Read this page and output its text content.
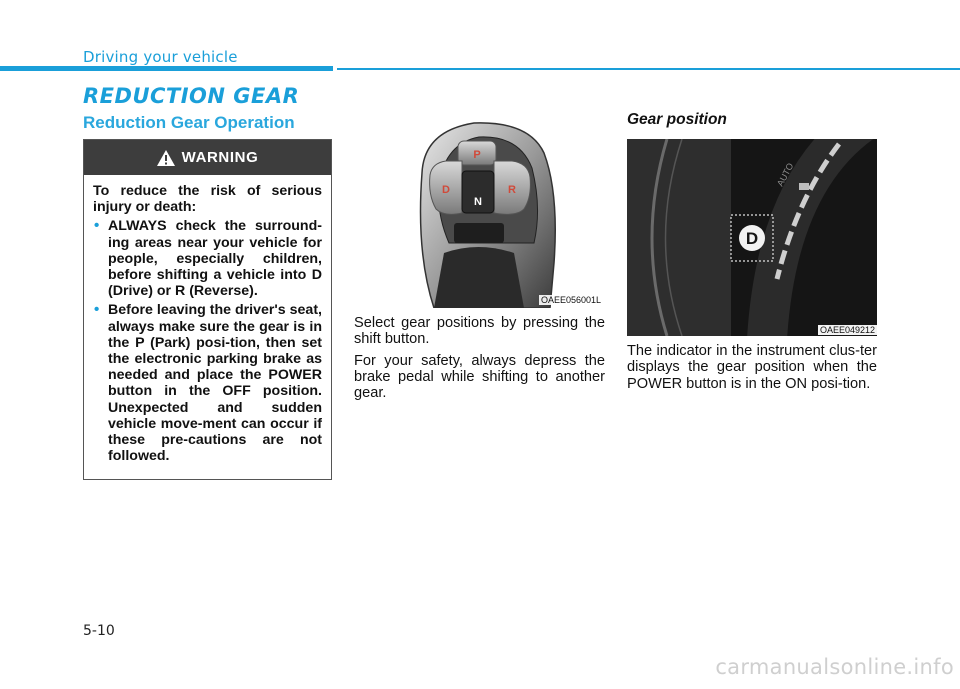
Driving your vehicle
REDUCTION GEAR
Reduction Gear Operation
WARNING

To reduce the risk of serious injury or death:

• ALWAYS check the surround-ing areas near your vehicle for people, especially children, before shifting a vehicle into D (Drive) or R (Reverse).
• Before leaving the driver's seat, always make sure the gear is in the P (Park) posi-tion, then set the electronic parking brake as needed and place the POWER button in the OFF position. Unexpected and sudden vehicle move-ment can occur if these pre-cautions are not followed.
P
D	R
N
OAEE056001L

Select gear positions by pressing the shift button.

For your safety, always depress the brake pedal while shifting to another gear.

Gear position
AUTO
D
OAEE049212

The indicator in the instrument clus-ter displays the gear position when the POWER button is in the ON posi-tion.

5-10
carmanualsonline.info
